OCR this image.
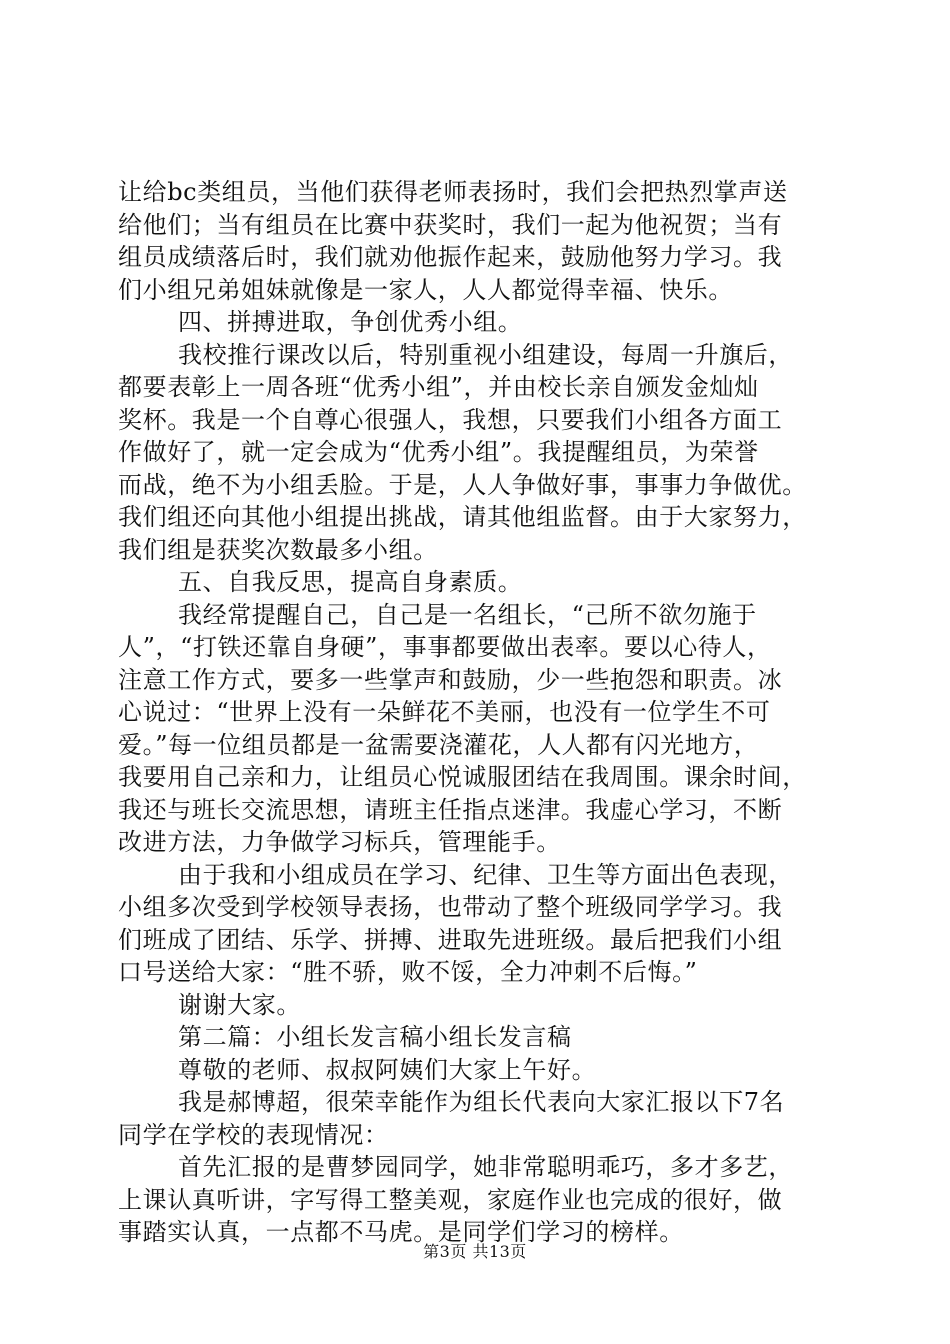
让给bc类组员，当他们获得老师表扬时，我们会把热烈掌声送
给他们；当有组员在比赛中获奖时，我们一起为他祝贺；当有
组员成绩落后时，我们就劝他振作起来，鼓励他努力学习。我
们小组兄弟姐妹就像是一家人，人人都觉得幸福、快乐。
四、拼搏进取，争创优秀小组。
我校推行课改以后，特别重视小组建设，每周一升旗后，
都要表彰上一周各班“优秀小组”，并由校长亲自颁发金灿灿
奖杯。我是一个自尊心很强人，我想，只要我们小组各方面工
作做好了，就一定会成为“优秀小组”。我提醒组员，为荣誉
而战，绝不为小组丢脸。于是，人人争做好事，事事力争做优。
我们组还向其他小组提出挑战，请其他组监督。由于大家努力，
我们组是获奖次数最多小组。
五、自我反思，提高自身素质。
我经常提醒自己，自己是一名组长，“己所不欲勿施于
人”，“打铁还靠自身硬”，事事都要做出表率。要以心待人，
注意工作方式，要多一些掌声和鼓励，少一些抱怨和职责。冰
心说过：“世界上没有一朵鲜花不美丽，也没有一位学生不可
爱。”每一位组员都是一盆需要浇灌花，人人都有闪光地方，
我要用自己亲和力，让组员心悦诚服团结在我周围。课余时间，
我还与班长交流思想，请班主任指点迷津。我虚心学习，不断
改进方法，力争做学习标兵，管理能手。
由于我和小组成员在学习、纪律、卫生等方面出色表现，
小组多次受到学校领导表扬，也带动了整个班级同学学习。我
们班成了团结、乐学、拼搏、进取先进班级。最后把我们小组
口号送给大家：“胜不骄，败不馁，全力冲刺不后悔。”
谢谢大家。
第二篇：小组长发言稿小组长发言稿
尊敬的老师、叔叔阿姨们大家上午好。
我是郝博超，很荣幸能作为组长代表向大家汇报以下7名
同学在学校的表现情况：
首先汇报的是曹梦园同学，她非常聪明乖巧，多才多艺，
上课认真听讲，字写得工整美观，家庭作业也完成的很好，做
事踏实认真，一点都不马虎。是同学们学习的榜样。
第3页 共13页
